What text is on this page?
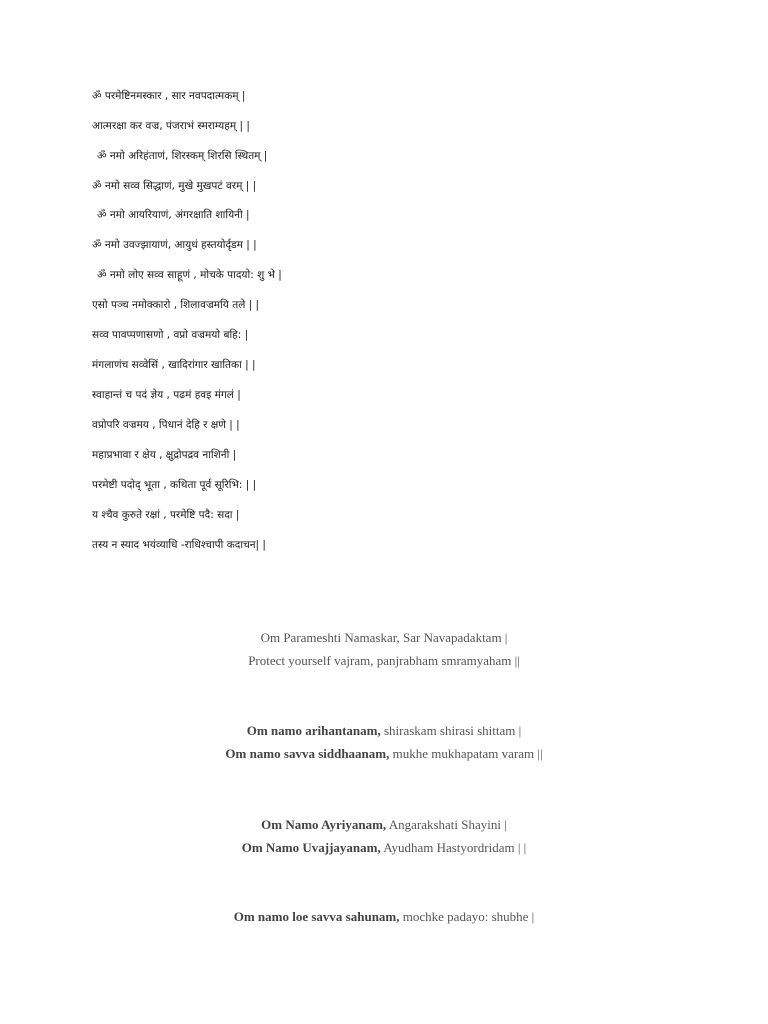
ॐ परमेष्टिनमस्कार , सार नवपदात्मकम् |
आत्मरक्षा कर वज्र, पंजराभं स्मराम्यहम् | |
ॐ नमो अरिहंताणं, शिरस्कम् शिरसि स्थितम् |
ॐ नमो सव्व सिद्धाणं, मुखे मुखपटं वरम् | |
ॐ नमो आयरियाणं, अंगरक्षाति शायिनी |
ॐ नमो उवज्झायाणं, आयुधं हस्तयोर्दृडम | |
ॐ नमो लोए सव्व साहूणं , मोचके पादयो: शु भे |
एसो पञ्च नमोक्कारो , शिलावज्रमयि तले | |
सव्व पावप्पणासणो , वप्रो वज्रमयो बहि: |
मंगलाणंच सव्वेसिं , खादिरांगार खातिका | |
स्वाहान्तं च पदं ज्ञेय , पढमं हवइ मंगलं |
वप्रोपरि वज्रमय , पिधानं देहि र क्षणे | |
महाप्रभावा र क्षेय , क्षुद्रोपद्रव नाशिनी |
परमेष्टी पदोद् भूता , कथिता पूर्व सूरिभि: | |
य श्चैव कुरुते रक्षां , परमेष्टि पदै: सदा |
तस्य न स्याद भयंव्याधि -राधिश्चापी कदाचन| |
Om Parameshti Namaskar, Sar Navapadaktam |
Protect yourself vajram, panjrabham smramyaham ||
Om namo arihantanam, shiraskam shirasi shittam |
Om namo savva siddhaanam, mukhe mukhapatam varam ||
Om Namo Ayriyanam, Angarakshati Shayini |
Om Namo Uvajjayanam, Ayudham Hastyordridam | |
Om namo loe savva sahunam, mochke padayo: shubhe |
